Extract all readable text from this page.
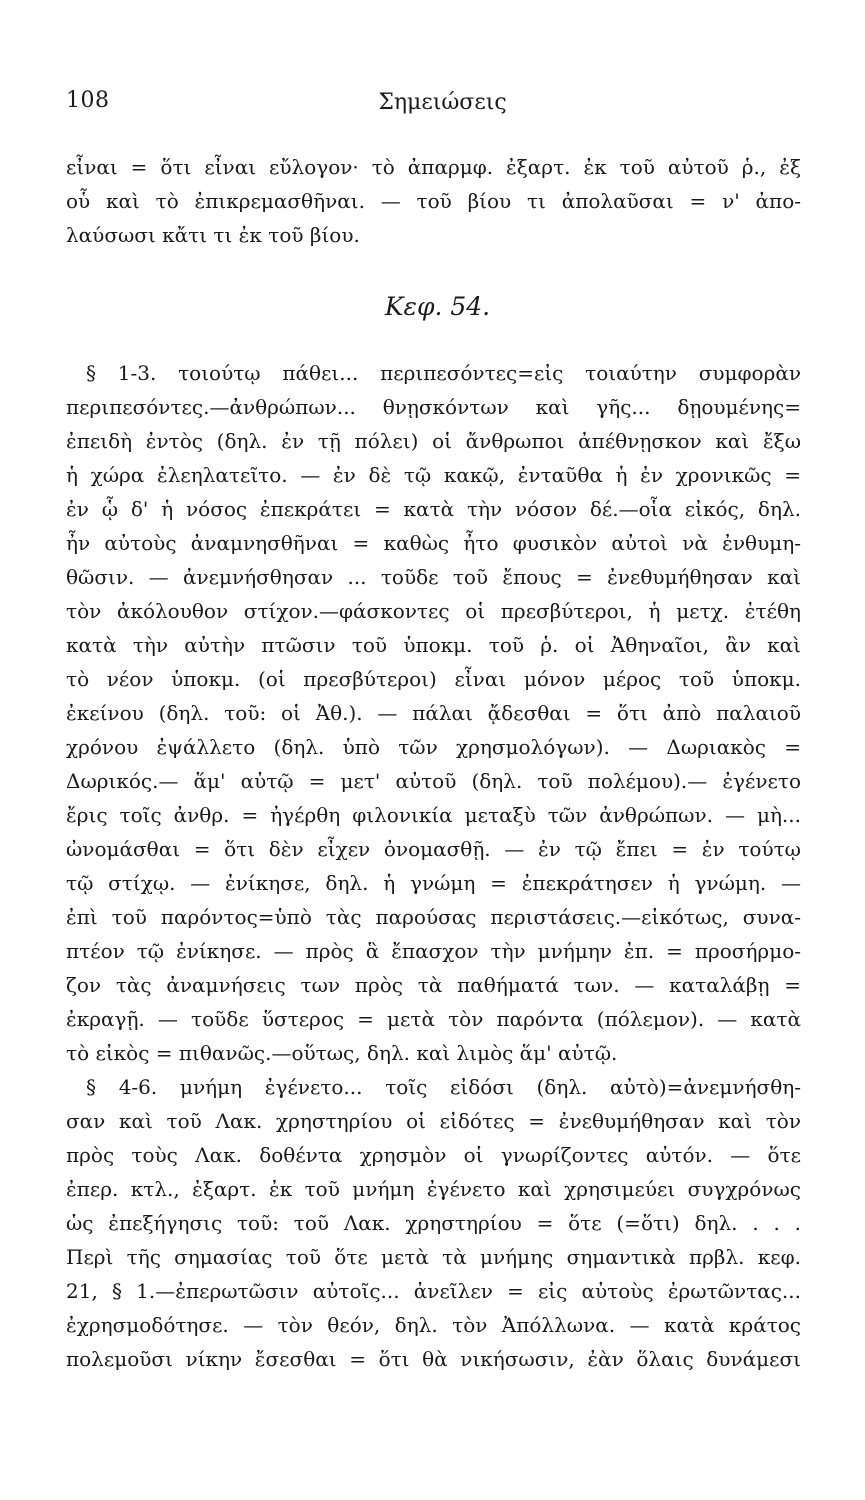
108	Σημειώσεις
εἶναι = ὅτι εἶναι εὔλογον· τὸ ἀπαρμφ. ἐξαρτ. ἐκ τοῦ αὐτοῦ ῥ., ἐξ
οὗ καὶ τὸ ἐπικρεμασθῆναι. — τοῦ βίου τι ἀπολαῦσαι = ν' ἀπο-
λαύσωσι κἄτι τι ἐκ τοῦ βίου.
Κεφ. 54.
§ 1-3. τοιούτῳ πάθει... περιπεσόντες=εἰς τοιαύτην συμφορὰν
περιπεσόντες.—ἀνθρώπων... θνῃσκόντων καὶ γῆς... δῃουμένης=
ἐπειδὴ ἐντὸς (δηλ. ἐν τῇ πόλει) οἱ ἄνθρωποι ἀπέθνῃσκον καὶ ἔξω
ἡ χώρα ἐλεηλατεῖτο. — ἐν δὲ τῷ κακῷ, ἐνταῦθα ἡ ἐν χρονικῶς =
ἐν ᾧ δ' ἡ νόσος ἐπεκράτει = κατὰ τὴν νόσον δέ.—οἷα εἰκός, δηλ.
ἦν αὐτοὺς ἀναμνησθῆναι = καθὼς ἦτο φυσικὸν αὐτοὶ νὰ ἐνθυμη-
θῶσιν. — ἀνεμνήσθησαν ... τοῦδε τοῦ ἔπους = ἐνεθυμήθησαν καὶ
τὸν ἀκόλουθον στίχον.—φάσκοντες οἱ πρεσβύτεροι, ἡ μετχ. ἐτέθη
κατὰ τὴν αὐτὴν πτῶσιν τοῦ ὑποκμ. τοῦ ῥ. οἱ Ἀθηναῖοι, ἂν καὶ
τὸ νέον ὑποκμ. (οἱ πρεσβύτεροι) εἶναι μόνον μέρος τοῦ ὑποκμ.
ἐκείνου (δηλ. τοῦ: οἱ Ἀθ.). — πάλαι ᾄδεσθαι = ὅτι ἀπὸ παλαιοῦ
χρόνου ἐψάλλετο (δηλ. ὑπὸ τῶν χρησμολόγων). — Δωριακὸς =
Δωρικός.— ἅμ' αὐτῷ = μετ' αὐτοῦ (δηλ. τοῦ πολέμου).— ἐγένετο
ἔρις τοῖς ἀνθρ. = ἠγέρθη φιλονικία μεταξὺ τῶν ἀνθρώπων. — μὴ...
ὠνομάσθαι = ὅτι δὲν εἶχεν ὀνομασθῇ. — ἐν τῷ ἔπει = ἐν τούτῳ
τῷ στίχῳ. — ἐνίκησε, δηλ. ἡ γνώμη = ἐπεκράτησεν ἡ γνώμη. —
ἐπὶ τοῦ παρόντος=ὑπὸ τὰς παρούσας περιστάσεις.—εἰκότως, συνα-
πτέον τῷ ἐνίκησε. — πρὸς ἃ ἔπασχον τὴν μνήμην ἐπ. = προσήρμο-
ζον τὰς ἀναμνήσεις των πρὸς τὰ παθήματά των. — καταλάβῃ =
ἐκραγῇ. — τοῦδε ὕστερος = μετὰ τὸν παρόντα (πόλεμον). — κατὰ
τὸ εἰκὸς = πιθανῶς.—οὕτως, δηλ. καὶ λιμὸς ἅμ' αὐτῷ.
§ 4-6. μνήμη ἐγένετο... τοῖς εἰδόσι (δηλ. αὐτὸ)=ἀνεμνήσθη-
σαν καὶ τοῦ Λακ. χρηστηρίου οἱ εἰδότες = ἐνεθυμήθησαν καὶ τὸν
πρὸς τοὺς Λακ. δοθέντα χρησμὸν οἱ γνωρίζοντες αὐτόν. — ὅτε
ἐπερ. κτλ., ἐξαρτ. ἐκ τοῦ μνήμη ἐγένετο καὶ χρησιμεύει συγχρόνως
ὡς ἐπεξήγησις τοῦ: τοῦ Λακ. χρηστηρίου = ὅτε (=ὅτι) δηλ. . . .
Περὶ τῆς σημασίας τοῦ ὅτε μετὰ τὰ μνήμης σημαντικὰ πρβλ. κεφ.
21, § 1.—ἐπερωτῶσιν αὐτοῖς... ἀνεῖλεν = εἰς αὐτοὺς ἐρωτῶντας...
ἐχρησμοδότησε. — τὸν θεόν, δηλ. τὸν Ἀπόλλωνα. — κατὰ κράτος
πολεμοῦσι νίκην ἔσεσθαι = ὅτι θὰ νικήσωσιν, ἐὰν ὅλαις δυνάμεσι
